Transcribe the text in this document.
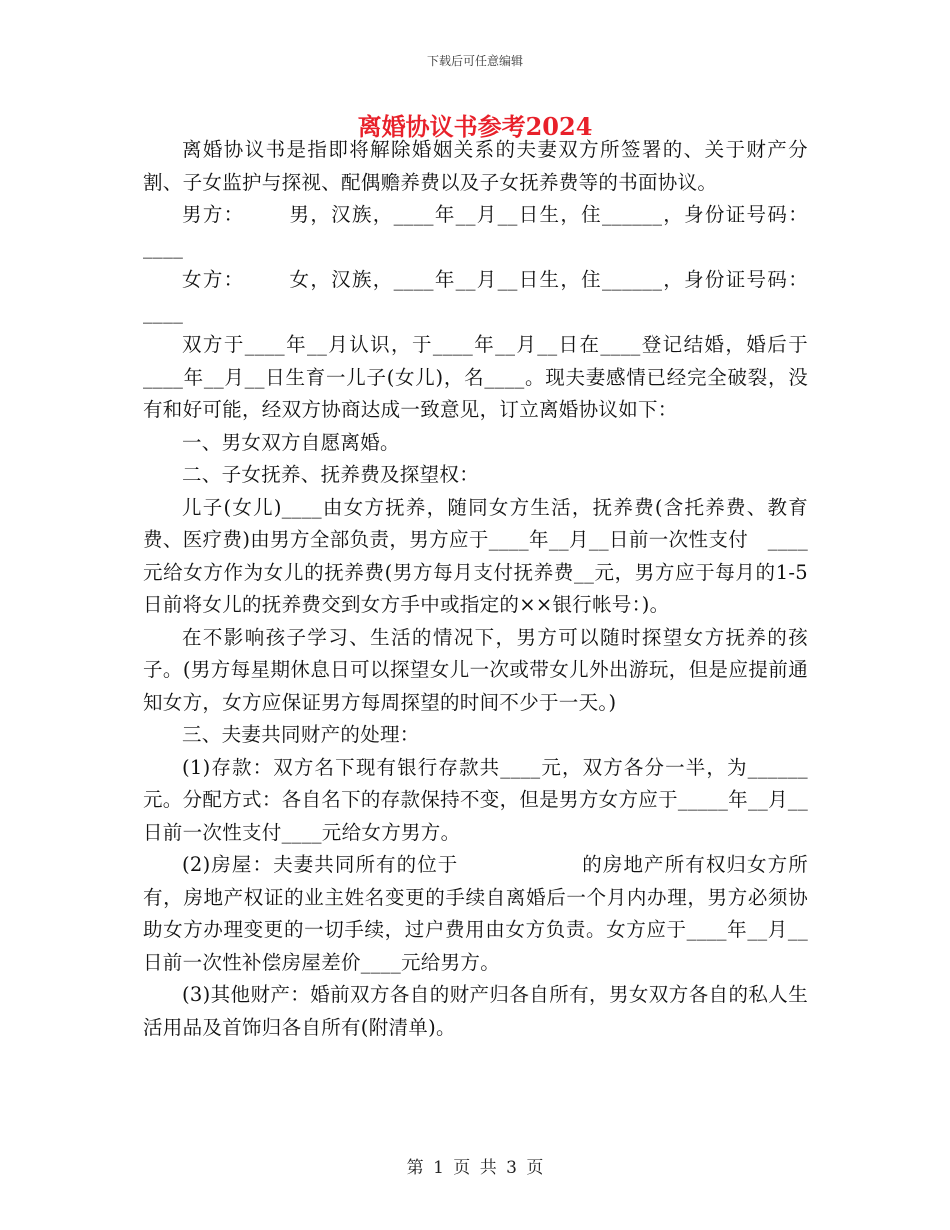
下载后可任意编辑
离婚协议书参考2024

离婚协议书是指即将解除婚姻关系的夫妻双方所签署的、关于财产分割、子女监护与探视、配偶赡养费以及子女抚养费等的书面协议。

男方：      男，汉族，____年__月__日生，住______，身份证号码：____

女方：      女，汉族，____年__月__日生，住______，身份证号码：____

双方于____年__月认识，于____年__月__日在____登记结婚，婚后于____年__月__日生育一儿子(女儿)，名____。现夫妻感情已经完全破裂，没有和好可能，经双方协商达成一致意见，订立离婚协议如下：

一、男女双方自愿离婚。

二、子女抚养、抚养费及探望权：

儿子(女儿)____由女方抚养，随同女方生活，抚养费(含托养费、教育费、医疗费)由男方全部负责，男方应于____年__月__日前一次性支付   ____元给女方作为女儿的抚养费(男方每月支付抚养费__元，男方应于每月的1-5日前将女儿的抚养费交到女方手中或指定的××银行帐号：)。

在不影响孩子学习、生活的情况下，男方可以随时探望女方抚养的孩子。(男方每星期休息日可以探望女儿一次或带女儿外出游玩，但是应提前通知女方，女方应保证男方每周探望的时间不少于一天。)

三、夫妻共同财产的处理：

(1)存款：双方名下现有银行存款共____元，双方各分一半，为______元。分配方式：各自名下的存款保持不变，但是男方女方应于_____年__月__日前一次性支付____元给女方男方。

(2)房屋：夫妻共同所有的位于                 的房地产所有权归女方所有，房地产权证的业主姓名变更的手续自离婚后一个月内办理，男方必须协助女方办理变更的一切手续，过户费用由女方负责。女方应于____年__月__日前一次性补偿房屋差价____元给男方。

(3)其他财产：婚前双方各自的财产归各自所有，男女双方各自的私人生活用品及首饰归各自所有(附清单)。

第 1 页 共 3 页
